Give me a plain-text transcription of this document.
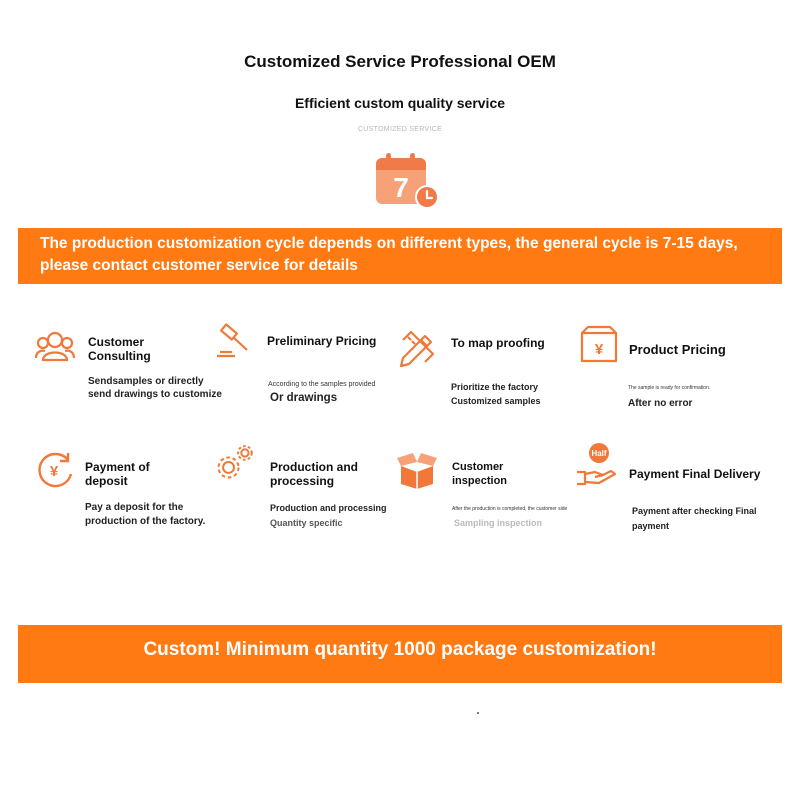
Customized Service Professional OEM
Efficient custom quality service
CUSTOMIZED SERVICE
7
The production customization cycle depends on different types, the general cycle is 7-15 days, please contact customer service for details
Customer Consulting
Sendsamples or directly send drawings to customize
Preliminary Pricing
According to the samples provided
Or drawings
To map proofing
Prioritize the factory Customized samples
¥ Product Pricing
The sample is ready for confirmation.
After no error
¥ Payment of deposit
Pay a deposit for the production of the factory.
Production and processing
Production and processing
Quantity specific
Customer inspection
After the production is completed, the customer side
Sampling inspection
Half
Payment Final Delivery
Payment after checking Final payment
Custom! Minimum quantity 1000 package customization!
